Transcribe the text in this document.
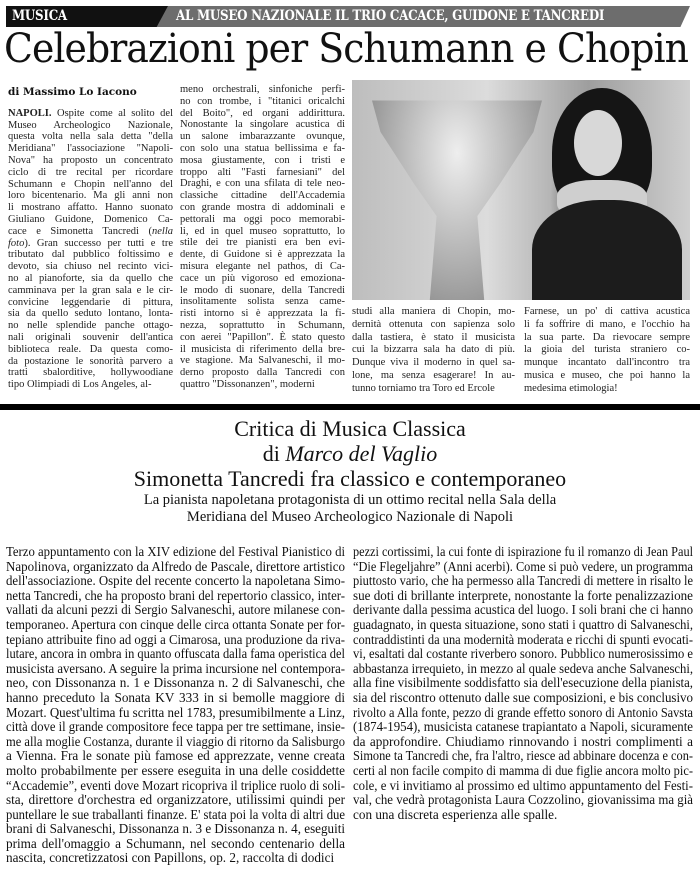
MUSICA	AL MUSEO NAZIONALE IL TRIO CACACE, GUIDONE E TANCREDI
Celebrazioni per Schumann e Chopin
di Massimo Lo Iacono
NAPOLI. Ospite come al solito del
Museo Archeologico Nazionale,
questa volta nella sala detta "della
Meridiana" l'associazione "Napoli-
Nova" ha proposto un concentrato
ciclo di tre recital per ricordare
Schumann e Chopin nell'anno del
loro bicentenario. Ma gli anni non
li mostrano affatto. Hanno suonato
Giuliano Guidone, Domenico Ca-
cace e Simonetta Tancredi (nella
foto). Gran successo per tutti e tre
tributato dal pubblico foltissimo e
devoto, sia chiuso nel recinto vici-
no al pianoforte, sia da quello che
camminava per la gran sala e le cir-
convicine leggendarie di pittura,
sia da quello seduto lontano, lonta-
no nelle splendide panche ottago-
nali originali souvenir dell'antica
biblioteca reale. Da questa como-
da postazione le sonorità parvero a
tratti sbalorditive, hollywoodiane
tipo Olimpiadi di Los Angeles, al-
meno orchestrali, sinfoniche perfi-
no con trombe, i "titanici oricalchi
del Boito", ed organi addirittura.
Nonostante la singolare acustica di
un salone imbarazzante ovunque,
con solo una statua bellissima e fa-
mosa giustamente, con i tristi e
troppo alti "Fasti farnesiani" del
Draghi, e con una sfilata di tele neo-
classiche cittadine dell'Accademia
con grande mostra di addominali e
pettorali ma oggi poco memorabi-
li, ed in quel museo soprattutto, lo
stile dei tre pianisti era ben evi-
dente, di Guidone si è apprezzata la
misura elegante nel pathos, di Ca-
cace un più vigoroso ed emoziona-
le modo di suonare, della Tancredi
insolitamente solista senza came-
risti intorno si è apprezzata la fi-
nezza, soprattutto in Schumann,
con aerei "Papillon". È stato questo
il musicista di riferimento della bre-
ve stagione. Ma Salvaneschi, il mo-
derno proposto dalla Tancredi con
quattro "Dissonanzen", moderni
studi alla maniera di Chopin, mo-
dernità ottenuta con sapienza solo
dalla tastiera, è stato il musicista
cui la bizzarra sala ha dato di più.
Dunque viva il moderno in quel sa-
lone, ma senza esagerare! In au-
tunno torniamo tra Toro ed Ercole
Farnese, un po' di cattiva acustica
li fa soffrire di mano, e l'occhio ha
la sua parte. Da rievocare sempre
la gioia del turista straniero co-
munque incantato dall'incontro tra
musica e museo, che poi hanno la
medesima etimologia!
Critica di Musica Classica
di Marco del Vaglio
Simonetta Tancredi fra classico e contemporaneo
La pianista napoletana protagonista di un ottimo recital nella Sala della
Meridiana del Museo Archeologico Nazionale di Napoli
Terzo appuntamento con la XIV edizione del Festival Pianistico di
Napolinova, organizzato da Alfredo de Pascale, direttore artistico
dell'associazione. Ospite del recente concerto la napoletana Simo-
netta Tancredi, che ha proposto brani del repertorio classico, inter-
vallati da alcuni pezzi di Sergio Salvaneschi, autore milanese con-
temporaneo. Apertura con cinque delle circa ottanta Sonate per for-
tepiano attribuite fino ad oggi a Cimarosa, una produzione da riva-
lutare, ancora in ombra in quanto offuscata dalla fama operistica del
musicista aversano. A seguire la prima incursione nel contempora-
neo, con Dissonanza n. 1 e Dissonanza n. 2 di Salvaneschi, che
hanno preceduto la Sonata KV 333 in si bemolle maggiore di
Mozart. Quest'ultima fu scritta nel 1783, presumibilmente a Linz,
città dove il grande compositore fece tappa per tre settimane, insie-
me alla moglie Costanza, durante il viaggio di ritorno da Salisburgo
a Vienna. Fra le sonate più famose ed apprezzate, venne creata
molto probabilmente per essere eseguita in una delle cosiddette
“Accademie”, eventi dove Mozart ricopriva il triplice ruolo di soli-
sta, direttore d'orchestra ed organizzatore, utilissimi quindi per
puntellare le sue traballanti finanze. E' stata poi la volta di altri due
brani di Salvaneschi, Dissonanza n. 3 e Dissonanza n. 4, eseguiti
prima dell'omaggio a Schumann, nel secondo centenario della
nascita, concretizzatosi con Papillons, op. 2, raccolta di dodici
pezzi cortissimi, la cui fonte di ispirazione fu il romanzo di Jean Paul
“Die Flegeljahre” (Anni acerbi). Come si può vedere, un programma
piuttosto vario, che ha permesso alla Tancredi di mettere in risalto le
sue doti di brillante interprete, nonostante la forte penalizzazione
derivante dalla pessima acustica del luogo. I soli brani che ci hanno
guadagnato, in questa situazione, sono stati i quattro di Salvaneschi,
contraddistinti da una modernità moderata e ricchi di spunti evocati-
vi, esaltati dal costante riverbero sonoro. Pubblico numerosissimo e
abbastanza irrequieto, in mezzo al quale sedeva anche Salvaneschi,
alla fine visibilmente soddisfatto sia dell'esecuzione della pianista,
sia del riscontro ottenuto dalle sue composizioni, e bis conclusivo
rivolto a Alla fonte, pezzo di grande effetto sonoro di Antonio Savsta
(1874-1954), musicista catanese trapiantato a Napoli, sicuramente
da approfondire. Chiudiamo rinnovando i nostri complimenti a
Simone ta Tancredi che, fra l'altro, riesce ad abbinare docenza e con-
certi al non facile compito di mamma di due figlie ancora molto pic-
cole, e vi invitiamo al prossimo ed ultimo appuntamento del Festi-
val, che vedrà protagonista Laura Cozzolino, giovanissima ma già
con una discreta esperienza alle spalle.
